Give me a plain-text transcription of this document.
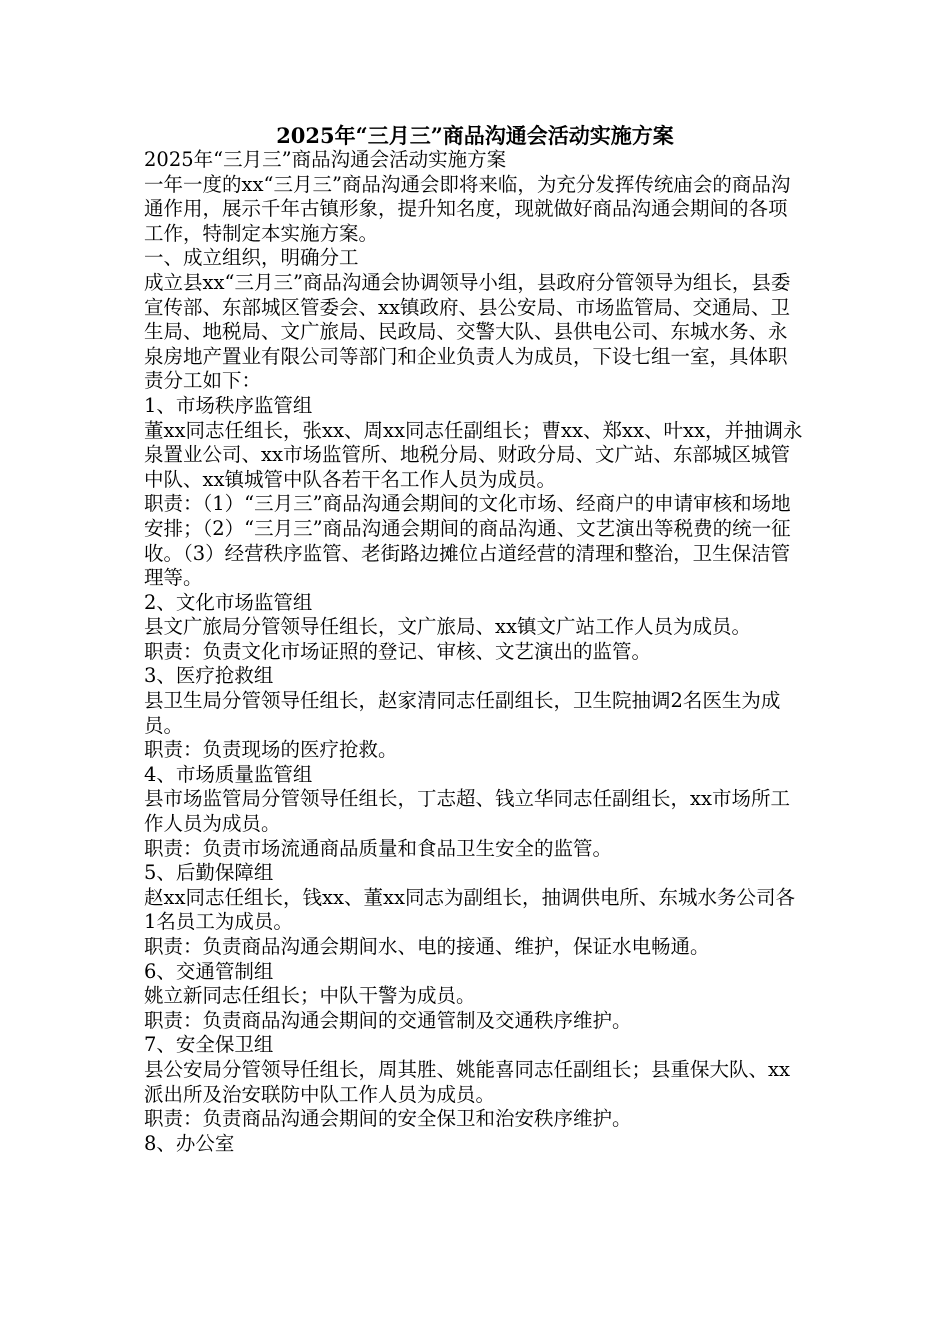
2025年“三月三”商品沟通会活动实施方案

2025年“三月三”商品沟通会活动实施方案

一年一度的xx“三月三”商品沟通会即将来临，为充分发挥传统庙会的商品沟通作用，展示千年古镇形象，提升知名度，现就做好商品沟通会期间的各项工作，特制定本实施方案。

一、成立组织，明确分工

成立县xx“三月三”商品沟通会协调领导小组，县政府分管领导为组长，县委宣传部、东部城区管委会、xx镇政府、县公安局、市场监管局、交通局、卫生局、地税局、文广旅局、民政局、交警大队、县供电公司、东城水务、永泉房地产置业有限公司等部门和企业负责人为成员，下设七组一室，具体职责分工如下：

1、市场秩序监管组

董xx同志任组长，张xx、周xx同志任副组长；曹xx、郑xx、叶xx，并抽调永泉置业公司、xx市场监管所、地税分局、财政分局、文广站、东部城区城管中队、xx镇城管中队各若干名工作人员为成员。

职责：（1）“三月三”商品沟通会期间的文化市场、经商户的申请审核和场地安排；（2）“三月三”商品沟通会期间的商品沟通、文艺演出等税费的统一征收。（3）经营秩序监管、老街路边摊位占道经营的清理和整治，卫生保洁管理等。

2、文化市场监管组

县文广旅局分管领导任组长，文广旅局、xx镇文广站工作人员为成员。

职责：负责文化市场证照的登记、审核、文艺演出的监管。

3、医疗抢救组

县卫生局分管领导任组长，赵家清同志任副组长，卫生院抽调2名医生为成员。

职责：负责现场的医疗抢救。

4、市场质量监管组

县市场监管局分管领导任组长，丁志超、钱立华同志任副组长，xx市场所工作人员为成员。

职责：负责市场流通商品质量和食品卫生安全的监管。

5、后勤保障组

赵xx同志任组长，钱xx、董xx同志为副组长，抽调供电所、东城水务公司各1名员工为成员。

职责：负责商品沟通会期间水、电的接通、维护，保证水电畅通。

6、交通管制组

姚立新同志任组长；中队干警为成员。

职责：负责商品沟通会期间的交通管制及交通秩序维护。

7、安全保卫组

县公安局分管领导任组长，周其胜、姚能喜同志任副组长；县重保大队、xx派出所及治安联防中队工作人员为成员。

职责：负责商品沟通会期间的安全保卫和治安秩序维护。

8、办公室
